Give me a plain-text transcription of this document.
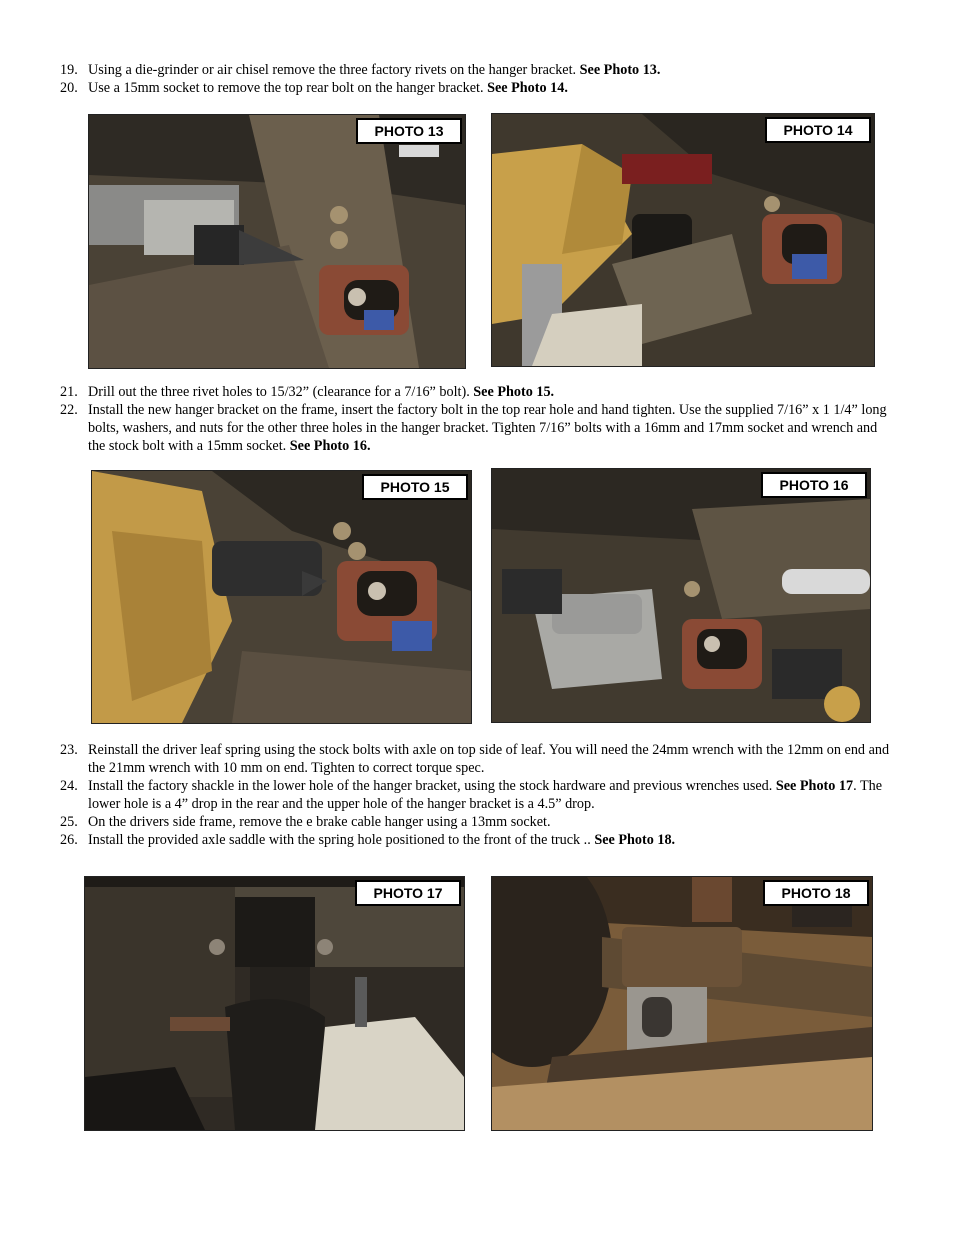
19. Using a die-grinder or air chisel remove the three factory rivets on the hanger bracket. See Photo 13.
20. Use a 15mm socket to remove the top rear bolt on the hanger bracket. See Photo 14.
PHOTO 13	PHOTO 14
21. Drill out the three rivet holes to 15/32” (clearance for a 7/16” bolt). See Photo 15.
22. Install the new hanger bracket on the frame, insert the factory bolt in the top rear hole and hand tighten. Use the supplied 7/16” x 1 1/4” long bolts, washers, and nuts for the other three holes in the hanger bracket. Tighten 7/16” bolts with a 16mm and 17mm socket and wrench and the stock bolt with a 15mm socket. See Photo 16.
PHOTO 15	PHOTO 16
23. Reinstall the driver leaf spring using the stock bolts with axle on top side of leaf. You will need the 24mm wrench with the 12mm on end and the 21mm wrench with 10 mm on end. Tighten to correct torque spec.
24. Install the factory shackle in the lower hole of the hanger bracket, using the stock hardware and previous wrenches used. See Photo 17. The lower hole is a 4” drop in the rear and the upper hole of the hanger bracket is a 4.5” drop.
25. On the drivers side frame, remove the e brake cable hanger using a 13mm socket.
26. Install the provided axle saddle with the spring hole positioned to the front of the truck .. See Photo 18.
PHOTO 17	PHOTO 18
